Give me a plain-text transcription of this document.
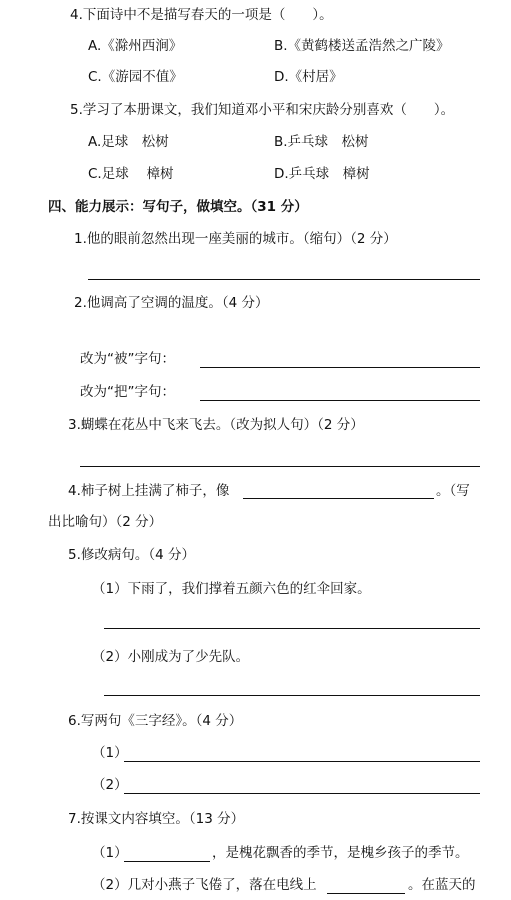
4.下面诗中不是描写春天的一项是（　　）。
A.《滁州西涧》	B.《黄鹤楼送孟浩然之广陵》
C.《游园不值》	D.《村居》
5.学习了本册课文，我们知道邓小平和宋庆龄分别喜欢（　　）。
A.足球　松树	B.乒乓球　松树
C.足球　 樟树	D.乒乓球　樟树
四、能力展示：写句子，做填空。（31 分）
1.他的眼前忽然出现一座美丽的城市。（缩句）（2 分）
2.他调高了空调的温度。（4 分）
改为“被”字句：
改为“把”字句：
3.蝴蝶在花丛中飞来飞去。（改为拟人句）（2 分）
4.柿子树上挂满了柿子，像	。（写
出比喻句）（2 分）
5.修改病句。（4 分）
（1）下雨了，我们撑着五颜六色的红伞回家。
（2）小刚成为了少先队。
6.写两句《三字经》。（4 分）
（1）
（2）
7.按课文内容填空。（13 分）
（1）	，是槐花飘香的季节，是槐乡孩子的季节。
（2）几对小燕子飞倦了，落在电线上	。在蓝天的
